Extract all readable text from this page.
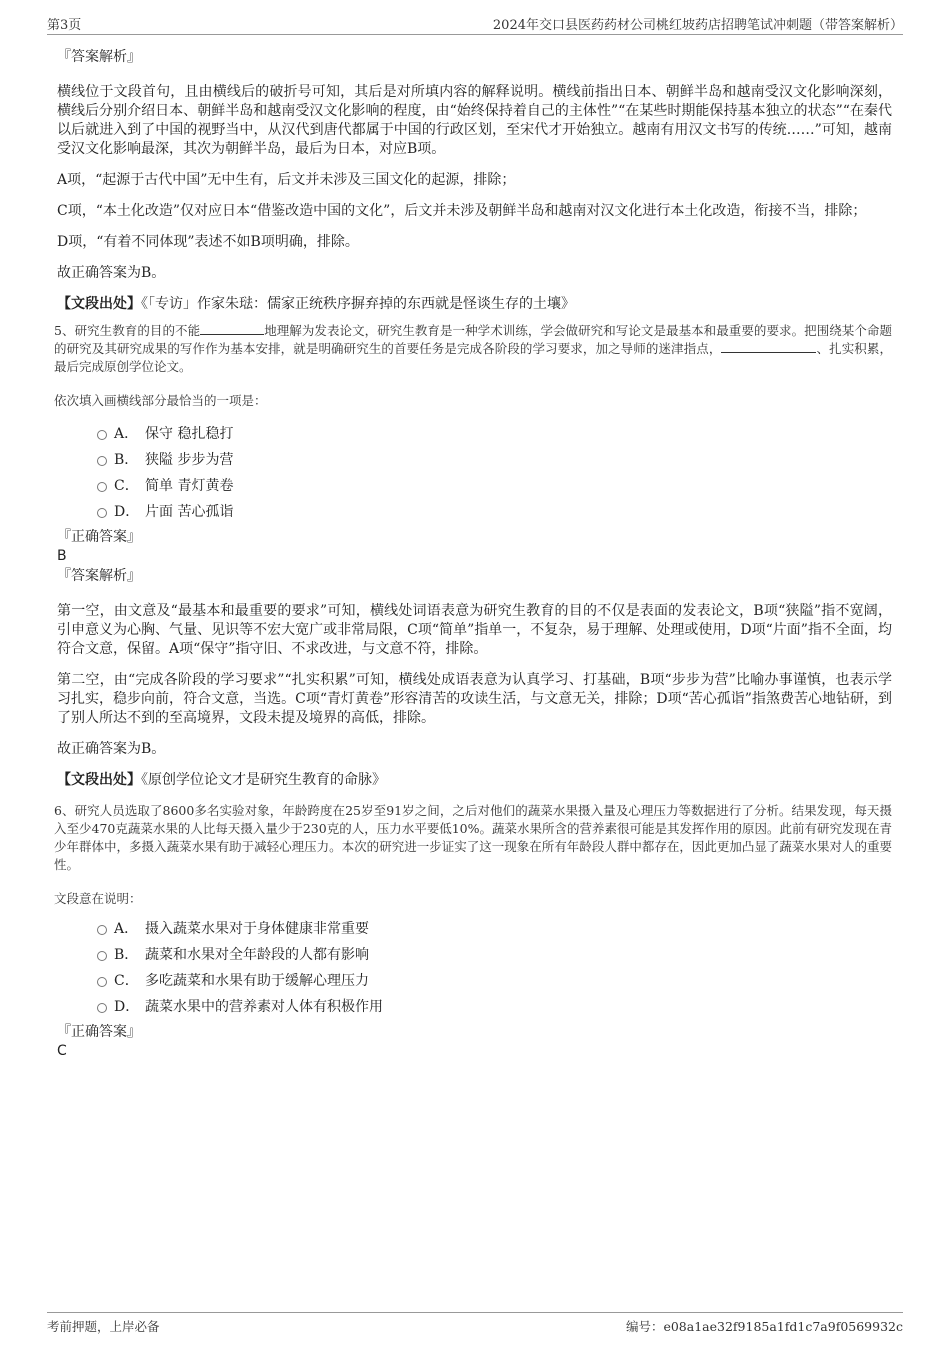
第3页	2024年交口县医药药材公司桃红坡药店招聘笔试冲刺题（带答案解析）

『答案解析』

横线位于文段首句，且由横线后的破折号可知，其后是对所填内容的解释说明。横线前指出日本、朝鲜半岛和越南受汉文化影响深刻，横线后分别介绍日本、朝鲜半岛和越南受汉文化影响的程度，由“始终保持着自己的主体性”“在某些时期能保持基本独立的状态”“在秦代以后就进入到了中国的视野当中，从汉代到唐代都属于中国的行政区划，至宋代才开始独立。越南有用汉文书写的传统……”可知，越南受汉文化影响最深，其次为朝鲜半岛，最后为日本，对应B项。

A项，“起源于古代中国”无中生有，后文并未涉及三国文化的起源，排除；

C项，“本土化改造”仅对应日本“借鉴改造中国的文化”，后文并未涉及朝鲜半岛和越南对汉文化进行本土化改造，衔接不当，排除；

D项，“有着不同体现”表述不如B项明确，排除。

故正确答案为B。

【文段出处】《「专访」作家朱琺：儒家正统秩序摒弃掉的东西就是怪谈生存的土壤》

5、研究生教育的目的不能	地理解为发表论文，研究生教育是一种学术训练，学会做研究和写论文是最基本和最重要的要求。把围绕某个命题的研究及其研究成果的写作作为基本安排，就是明确研究生的首要任务是完成各阶段的学习要求，加之导师的迷津指点，	、扎实积累，最后完成原创学位论文。

依次填入画横线部分最恰当的一项是：

A． 保守 稳扎稳打
B． 狭隘 步步为营
C． 简单 青灯黄卷
D． 片面 苦心孤诣

『正确答案』

B

『答案解析』

第一空，由文意及“最基本和最重要的要求”可知，横线处词语表意为研究生教育的目的不仅是表面的发表论文，B项“狭隘”指不宽阔，引申意义为心胸、气量、见识等不宏大宽广或非常局限，C项“简单”指单一，不复杂，易于理解、处理或使用，D项“片面”指不全面，均符合文意，保留。A项“保守”指守旧、不求改进，与文意不符，排除。

第二空，由“完成各阶段的学习要求”“扎实积累”可知，横线处成语表意为认真学习、打基础，B项“步步为营”比喻办事谨慎，也表示学习扎实，稳步向前，符合文意，当选。C项“青灯黄卷”形容清苦的攻读生活，与文意无关，排除；D项“苦心孤诣”指煞费苦心地钻研，到了别人所达不到的至高境界，文段未提及境界的高低，排除。

故正确答案为B。

【文段出处】《原创学位论文才是研究生教育的命脉》

6、研究人员选取了8600多名实验对象，年龄跨度在25岁至91岁之间，之后对他们的蔬菜水果摄入量及心理压力等数据进行了分析。结果发现，每天摄入至少470克蔬菜水果的人比每天摄入量少于230克的人，压力水平要低10%。蔬菜水果所含的营养素很可能是其发挥作用的原因。此前有研究发现在青少年群体中，多摄入蔬菜水果有助于减轻心理压力。本次的研究进一步证实了这一现象在所有年龄段人群中都存在，因此更加凸显了蔬菜水果对人的重要性。

文段意在说明：

A． 摄入蔬菜水果对于身体健康非常重要
B． 蔬菜和水果对全年龄段的人都有影响
C． 多吃蔬菜和水果有助于缓解心理压力
D． 蔬菜水果中的营养素对人体有积极作用

『正确答案』

C

考前押题，上岸必备	编号：e08a1ae32f9185a1fd1c7a9f0569932c
